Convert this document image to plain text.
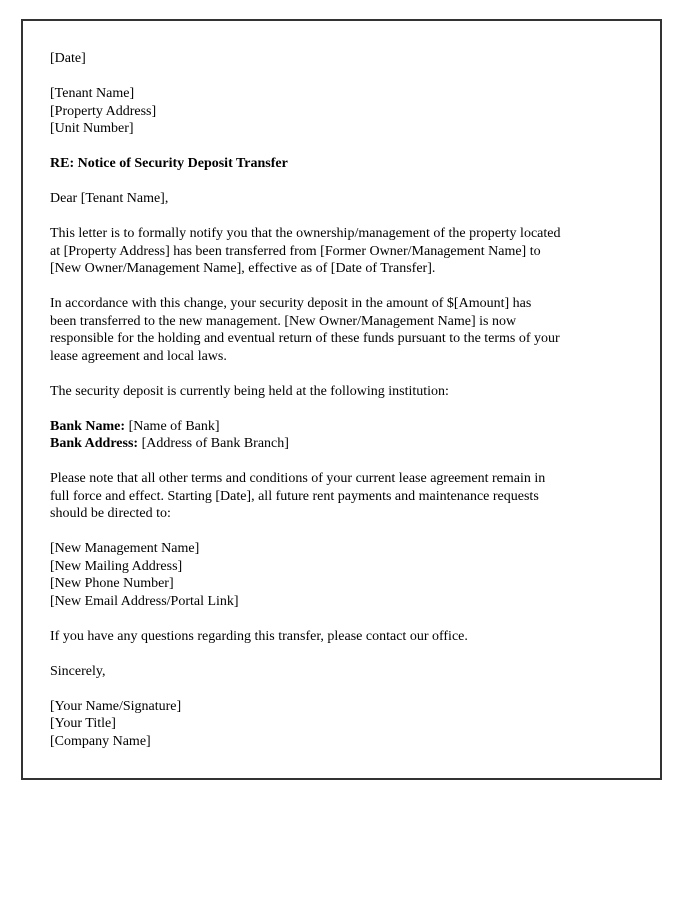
[Date]
[Tenant Name]
[Property Address]
[Unit Number]
RE: Notice of Security Deposit Transfer
Dear [Tenant Name],
This letter is to formally notify you that the ownership/management of the property located
at [Property Address] has been transferred from [Former Owner/Management Name] to
[New Owner/Management Name], effective as of [Date of Transfer].
In accordance with this change, your security deposit in the amount of $[Amount] has
been transferred to the new management. [New Owner/Management Name] is now
responsible for the holding and eventual return of these funds pursuant to the terms of your
lease agreement and local laws.
The security deposit is currently being held at the following institution:
Bank Name: [Name of Bank]
Bank Address: [Address of Bank Branch]
Please note that all other terms and conditions of your current lease agreement remain in
full force and effect. Starting [Date], all future rent payments and maintenance requests
should be directed to:
[New Management Name]
[New Mailing Address]
[New Phone Number]
[New Email Address/Portal Link]
If you have any questions regarding this transfer, please contact our office.
Sincerely,
[Your Name/Signature]
[Your Title]
[Company Name]
